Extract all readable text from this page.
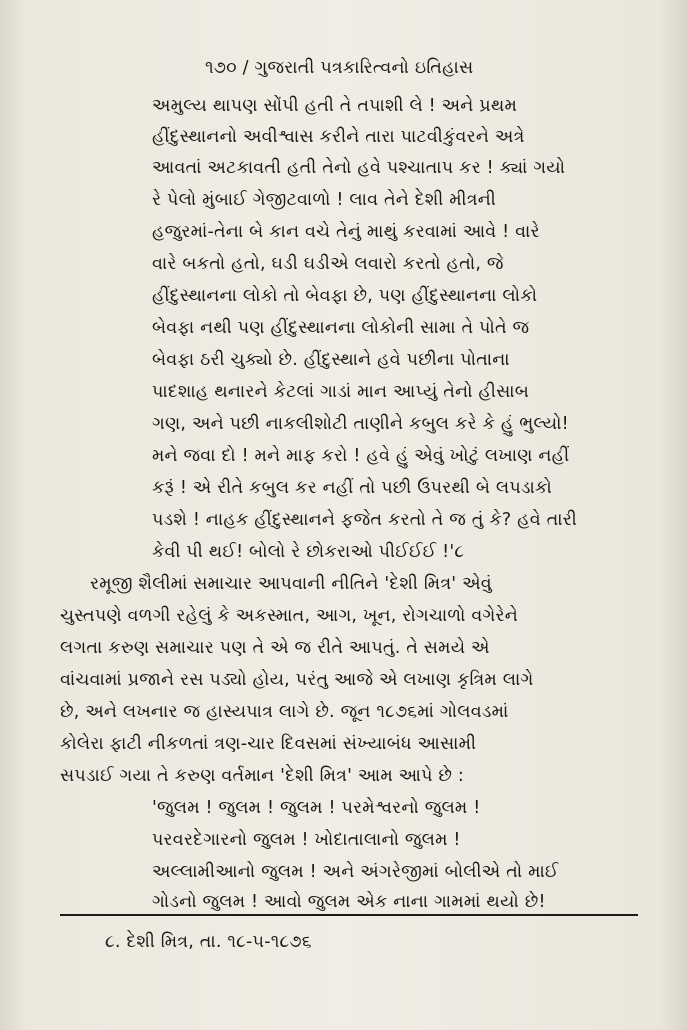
૧૭૦ / ગુજરાતી પત્રકારિત્વનો ઇતિહાસ
અમુલ્ય થાપણ સોંપી હતી તે તપાશી લે ! અને પ્રથમ
હીંદુસ્થાનનો અવીશ્વાસ કરીને તારા પાટવીકુંવરને અત્રે
આવતાં અટકાવતી હતી તેનો હવે પશ્ચાતાપ કર ! ક્યાં ગયો
રે પેલો મુંબાઈ ગેજીટવાળો ! લાવ તેને દેશી મીત્રની
હજુરમાં-તેના બે કાન વચે તેનું માથું કરવામાં આવે ! વારે
વારે બકતો હતો, ઘડી ઘડીએ લવારો કરતો હતો, જે
હીંદુસ્થાનના લોકો તો બેવફા છે, પણ હીંદુસ્થાનના લોકો
બેવફા નથી પણ હીંદુસ્થાનના લોકોની સામા તે પોતે જ
બેવફા ઠરી ચુક્યો છે. હીંદુસ્થાને હવે પછીના પોતાના
પાદશાહ થનારને કેટલાં ગાડાં માન આપ્યું તેનો હીસાબ
ગણ, અને પછી નાકલીશોટી તાણીને કબુલ કરે કે હું ભુલ્યો!
મને જવા દો ! મને માફ કરો ! હવે હું એવું ખોટું લખાણ નહીં
કરૂં ! એ રીતે કબુલ કર નહીં તો પછી ઉપરથી બે લપડાકો
પડશે ! નાહક હીંદુસ્થાનને ફજેત કરતો તે જ તું કે? હવે તારી
કેવી પી થઈ! બોલો રે છોકરાઓ પીઈઈઈ !'૮
રમૂજી શૈલીમાં સમાચાર આપવાની નીતિને 'દેશી મિત્ર' એવું
ચુસ્તપણે વળગી રહેલું કે અકસ્માત, આગ, ખૂન, રોગચાળો વગેરેને
લગતા કરુણ સમાચાર પણ તે એ જ રીતે આપતું. તે સમયે એ
વાંચવામાં પ્રજાને રસ પડ્યો હોય, પરંતુ આજે એ લખાણ કૃત્રિમ લાગે
છે, અને લખનાર જ હાસ્યપાત્ર લાગે છે. જૂન ૧૮૭૬માં ગોલવડમાં
કોલેરા ફાટી નીકળતાં ત્રણ-ચાર દિવસમાં સંખ્યાબંધ આસામી
સપડાઈ ગયા તે કરુણ વર્તમાન 'દેશી મિત્ર' આમ આપે છે :
'જુલમ ! જુલમ ! જુલમ ! પરમેશ્વરનો જુલમ !
પરવરદેગારનો જુલમ ! ખોદાતાલાનો જુલમ !
અલ્લામીઆનો જુલમ ! અને અંગરેજીમાં બોલીએ તો માઈ
ગોડનો જુલમ ! આવો જુલમ એક નાના ગામમાં થયો છે!
૮. દેશી મિત્ર, તા. ૧૮-૫-૧૮૭૬
